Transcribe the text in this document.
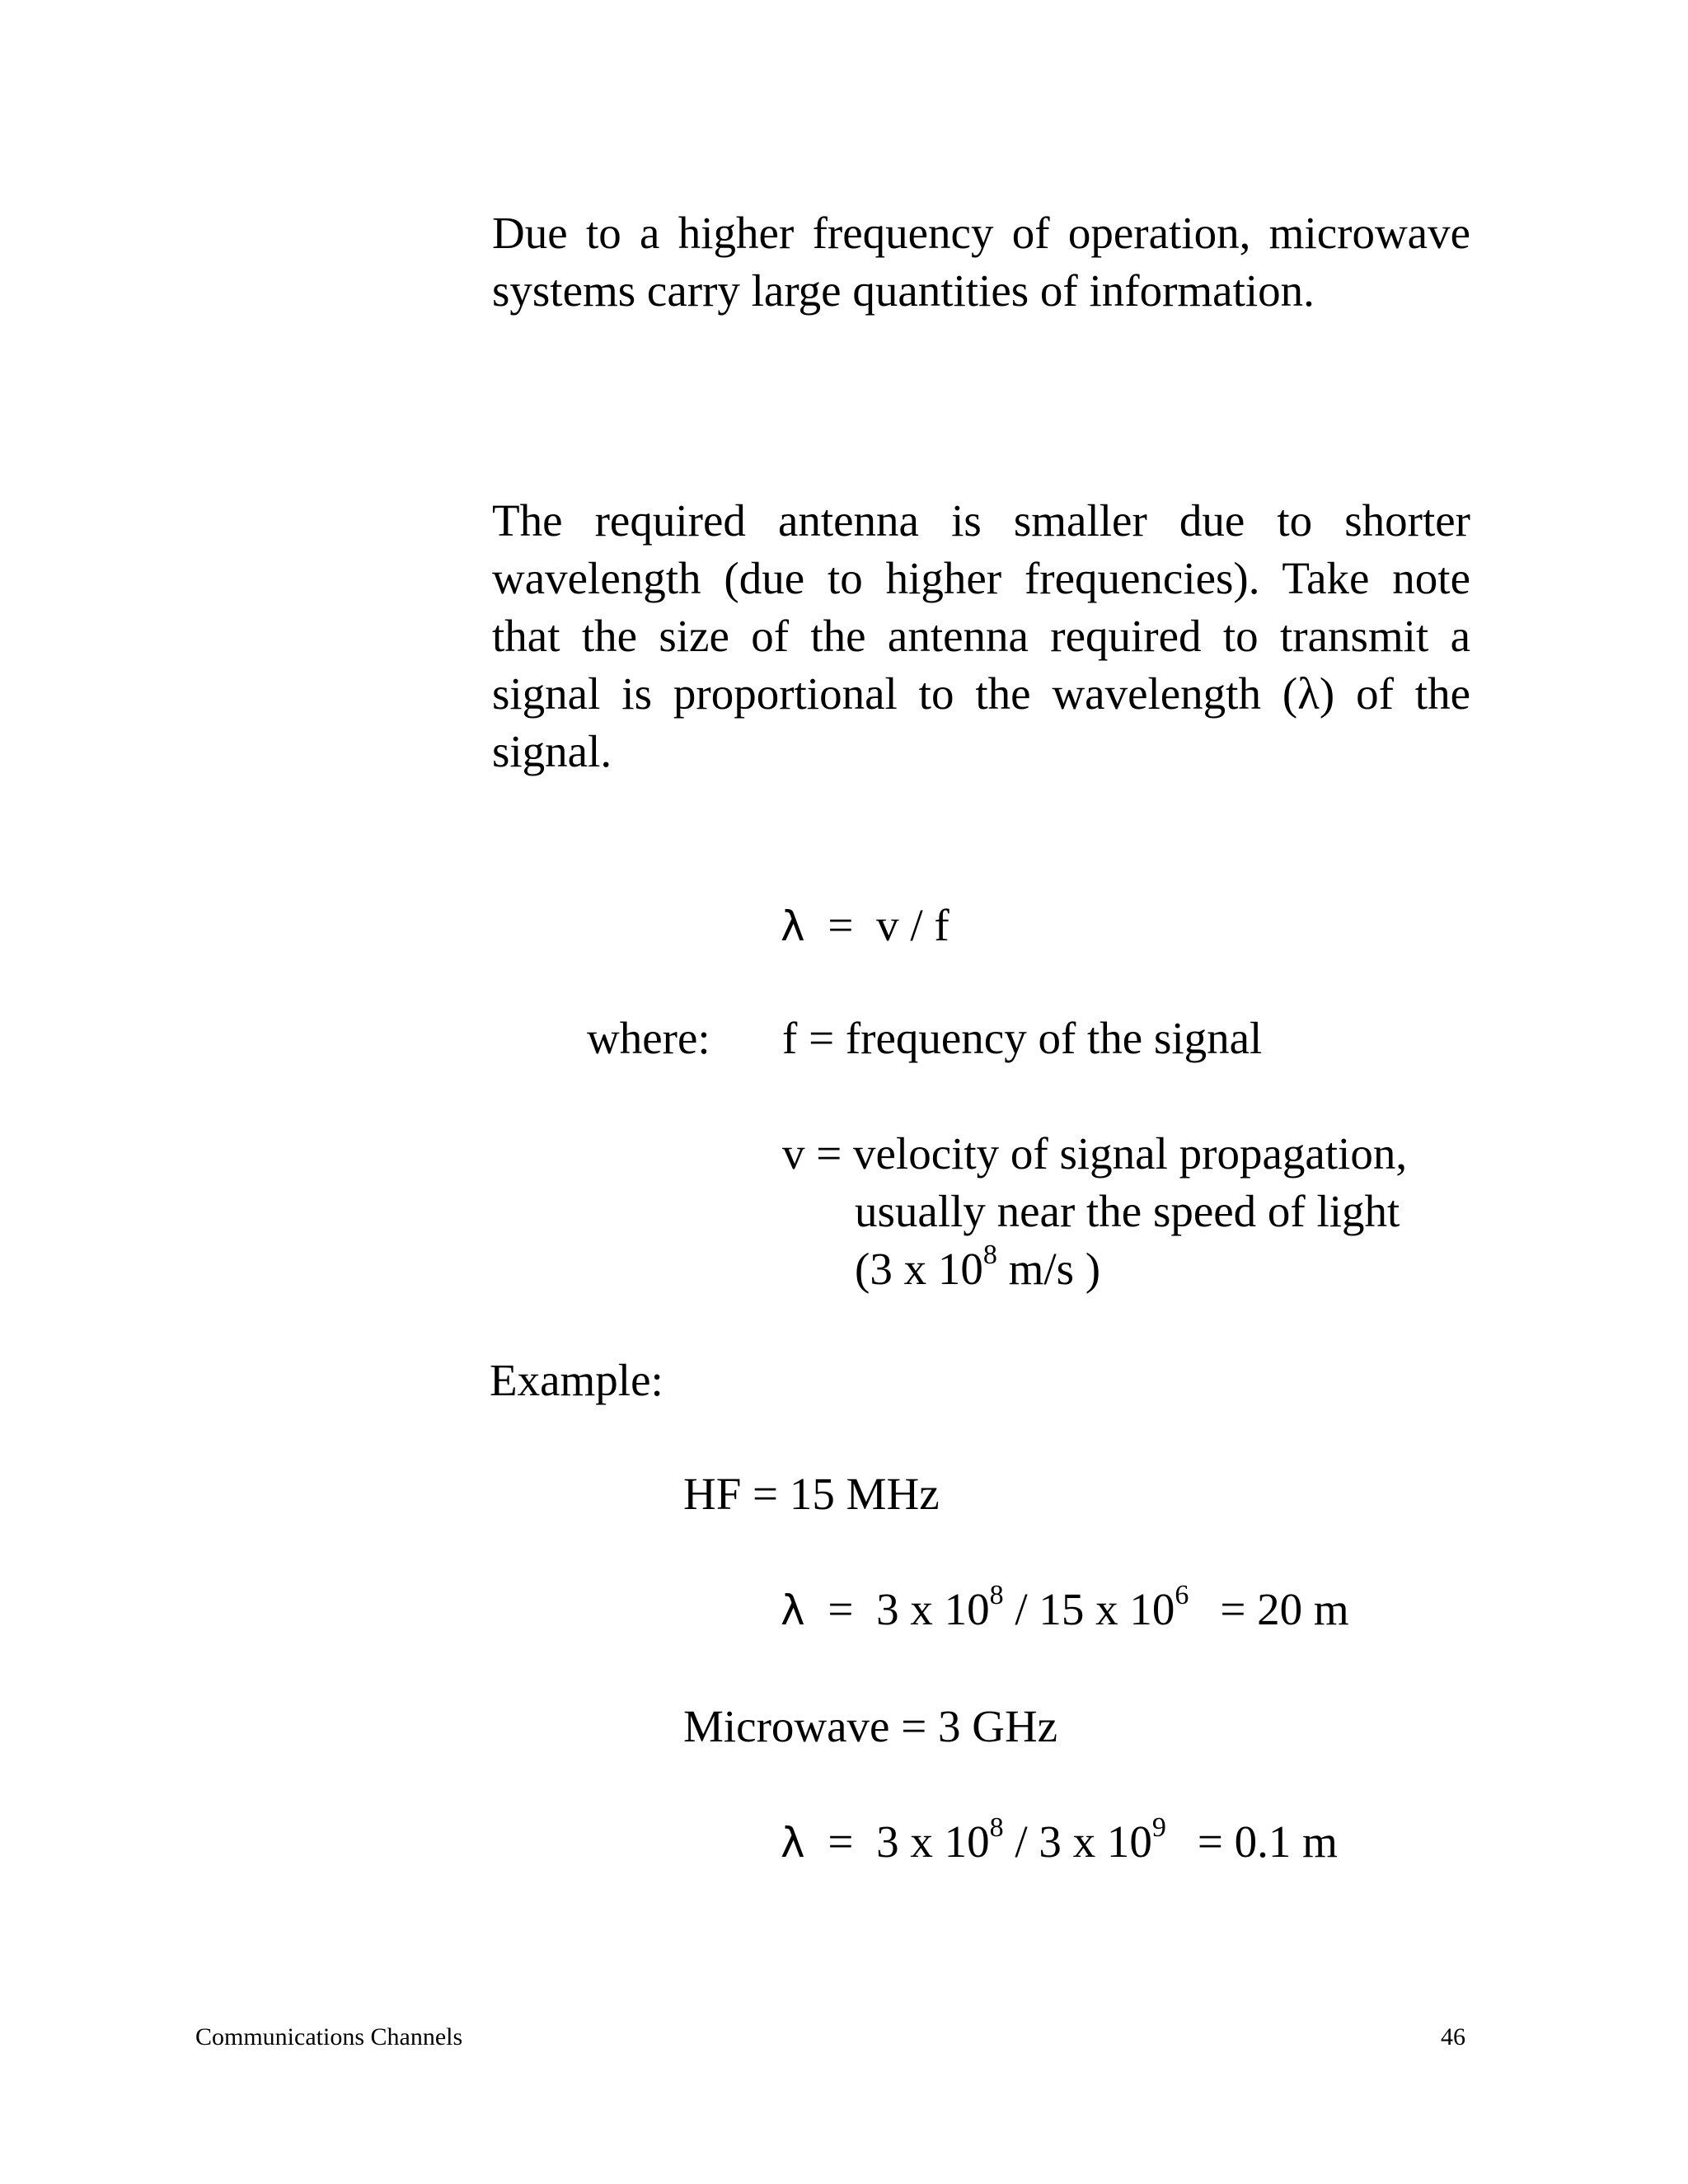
Due to a higher frequency of operation, microwave systems carry large quantities of information.

The required antenna is smaller due to shorter wavelength (due to higher frequencies). Take note that the size of the antenna required to transmit a signal is proportional to the wavelength (λ) of the signal.

λ = v / f
where: f = frequency of the signal
v = velocity of signal propagation,
usually near the speed of light
(3 x $10^8$ m/s )
Example:
HF = 15 MHz
λ = 3 x $10^8 / 15$ x $10^6 = 20$ m
Microwave = 3 GHz
λ = 3 x $10^8 / 3$ x $10^9 = 0.1$ m
Communications Channels	46
